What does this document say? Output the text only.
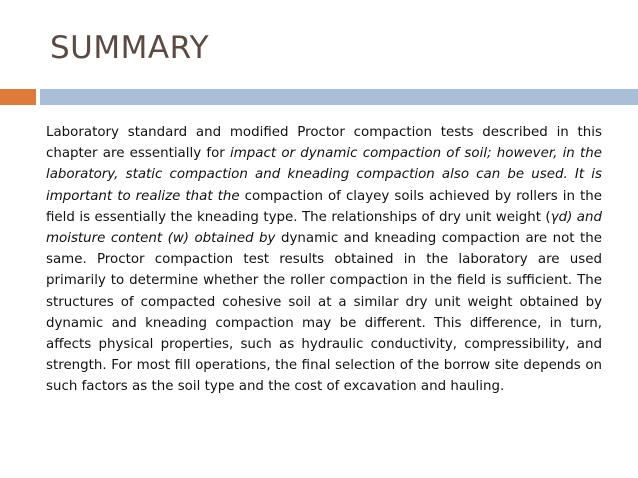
SUMMARY

Laboratory standard and modified Proctor compaction tests described in this chapter are essentially for impact or dynamic compaction of soil; however, in the laboratory, static compaction and kneading compaction also can be used. It is important to realize that the compaction of clayey soils achieved by rollers in the field is essentially the kneading type. The relationships of dry unit weight (γd) and moisture content (w) obtained by dynamic and kneading compaction are not the same. Proctor compaction test results obtained in the laboratory are used primarily to determine whether the roller compaction in the field is sufficient. The structures of compacted cohesive soil at a similar dry unit weight obtained by dynamic and kneading compaction may be different. This difference, in turn, affects physical properties, such as hydraulic conductivity, compressibility, and strength. For most fill operations, the final selection of the borrow site depends on such factors as the soil type and the cost of excavation and hauling.
